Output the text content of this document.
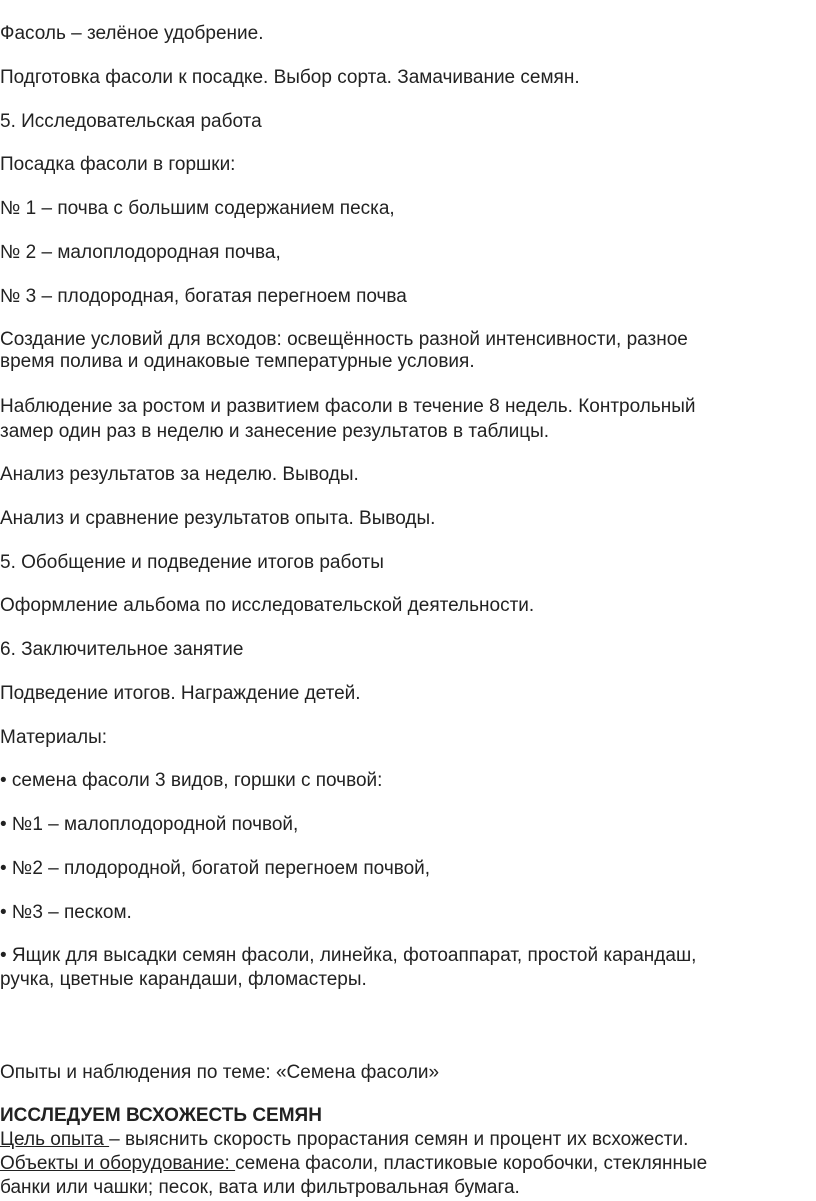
Фасоль – зелёное удобрение.

Подготовка фасоли к посадке. Выбор сорта. Замачивание семян.

5. Исследовательская работа

Посадка фасоли в горшки:

№ 1 – почва с большим содержанием песка,

№ 2 – малоплодородная почва,

№ 3 – плодородная, богатая перегноем почва

Создание условий для всходов: освещённость разной интенсивности, разное

время полива и одинаковые температурные условия.

Наблюдение за ростом и развитием фасоли в течение 8 недель. Контрольный

замер один раз в неделю и занесение результатов в таблицы.

Анализ результатов за неделю. Выводы.

Анализ и сравнение результатов опыта. Выводы.

5. Обобщение и подведение итогов работы

Оформление альбома по исследовательской деятельности.

6. Заключительное занятие

Подведение итогов. Награждение детей.

Материалы:

• семена фасоли 3 видов, горшки с почвой:

• №1 – малоплодородной почвой,

• №2 – плодородной, богатой перегноем почвой,

• №3 – песком.

• Ящик для высадки семян фасоли, линейка, фотоаппарат, простой карандаш,

ручка, цветные карандаши, фломастеры.

Опыты и наблюдения по теме: «Семена фасоли»

ИССЛЕДУЕМ ВСХОЖЕСТЬ СЕМЯН

Цель опыта – выяснить скорость прорастания семян и процент их всхожести.

Объекты и оборудование: семена фасоли, пластиковые коробочки, стеклянные

банки или чашки; песок, вата или фильтровальная бумага.
